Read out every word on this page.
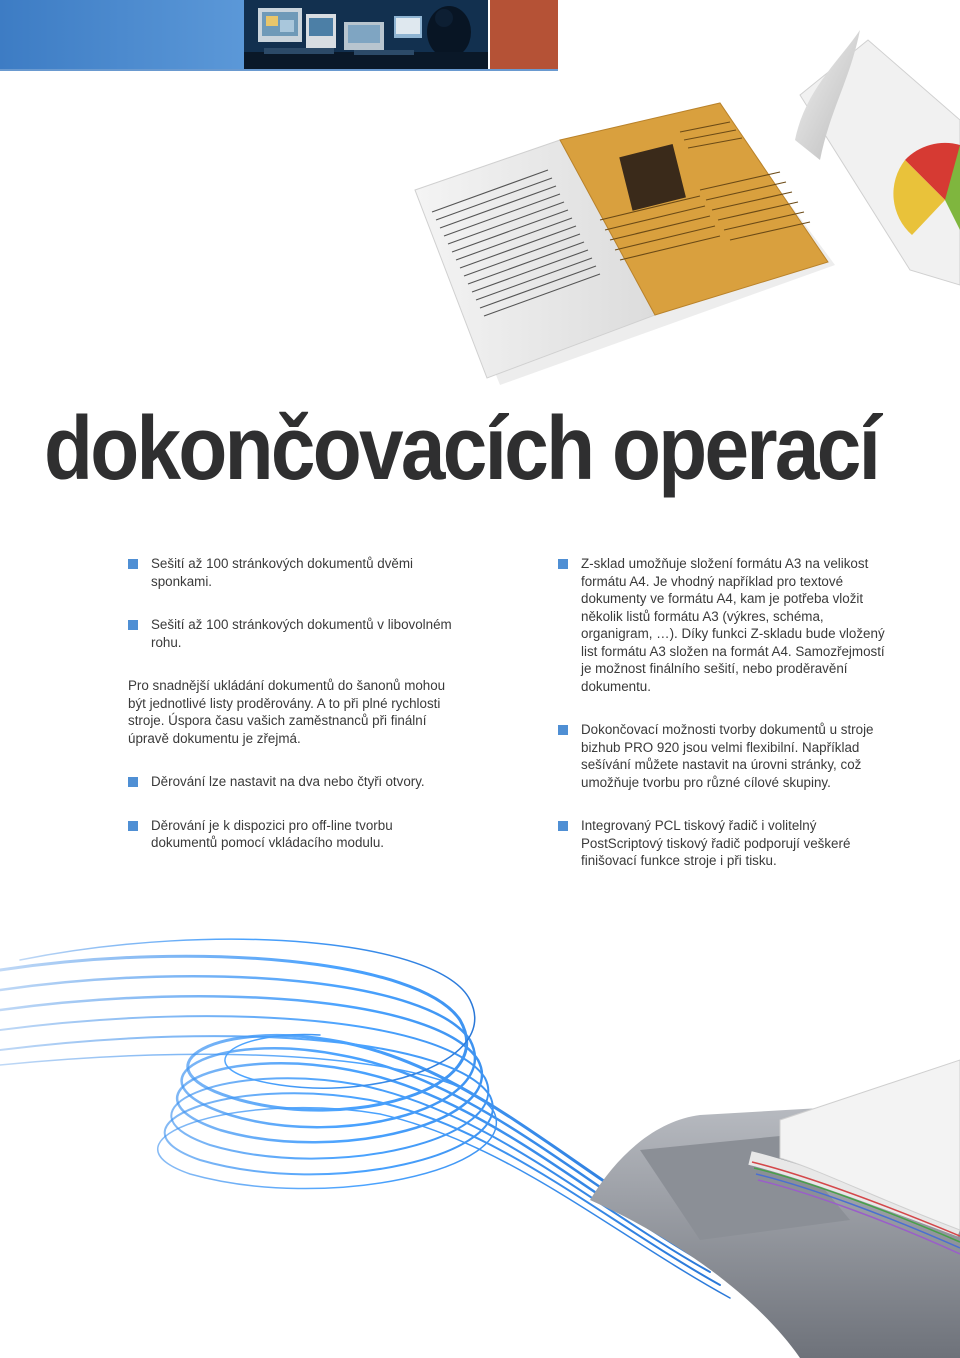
dokončovacích operací

Sešití až 100 stránkových dokumentů dvěmi sponkami.

Sešití až 100 stránkových dokumentů v libovolném rohu.

Pro snadnější ukládání dokumentů do šanonů mohou být jednotlivé listy proděrovány. A to při plné rychlosti stroje. Úspora času vašich zaměstnanců při finální úpravě dokumentu je zřejmá.

Děrování lze nastavit na dva nebo čtyři otvory.

Děrování je k dispozici pro off-line tvorbu dokumentů pomocí vkládacího modulu.

Z-sklad umožňuje složení formátu A3 na velikost formátu A4. Je vhodný například pro textové dokumenty ve formátu A4, kam je potřeba vložit několik listů formátu A3 (výkres, schéma, organigram, …). Díky funkci Z-skladu bude vložený list formátu A3 složen na formát A4. Samozřejmostí je možnost finálního sešití, nebo proděravění dokumentu.

Dokončovací možnosti tvorby dokumentů u stroje bizhub PRO 920 jsou velmi flexibilní. Například sešívání můžete nastavit na úrovni stránky, což umožňuje tvorbu pro různé cílové skupiny.

Integrovaný PCL tiskový řadič i volitelný PostScriptový tiskový řadič podporují veškeré finišovací funkce stroje i při tisku.
